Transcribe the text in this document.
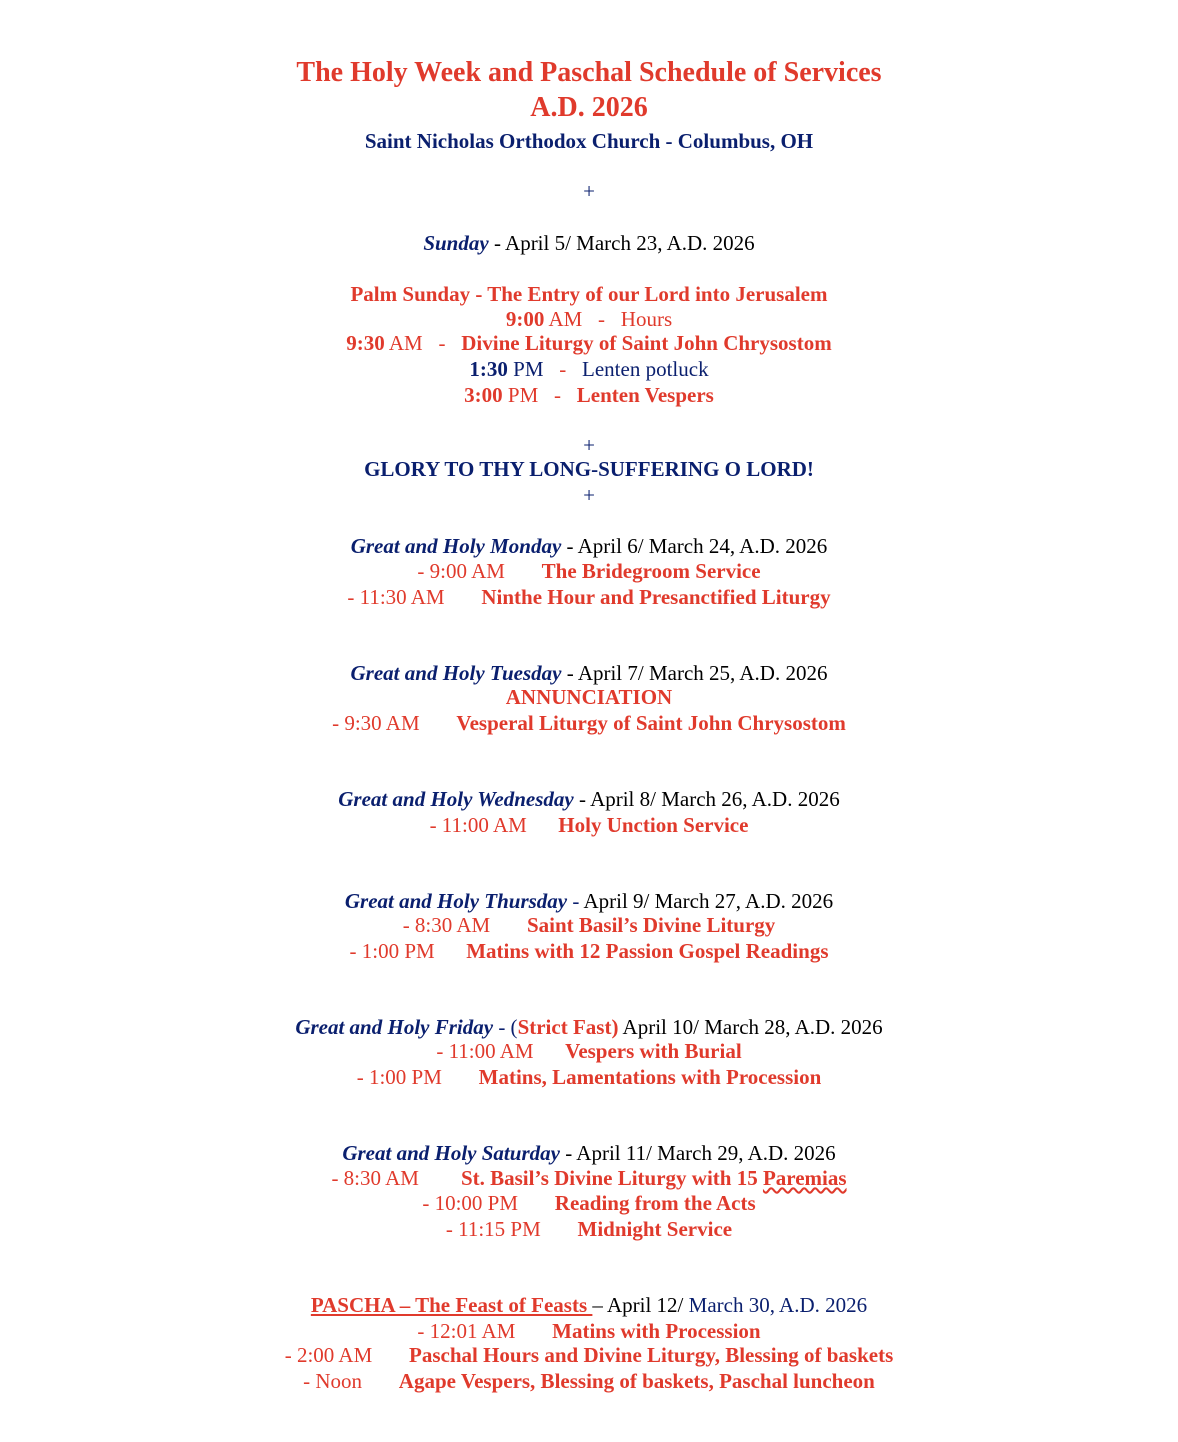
The Holy Week and Paschal Schedule of Services
A.D. 2026
Saint Nicholas Orthodox Church - Columbus, OH
+
Sunday - April 5/ March 23, A.D. 2026
Palm Sunday - The Entry of our Lord into Jerusalem
9:00 AM   -   Hours
9:30 AM   -   Divine Liturgy of Saint John Chrysostom
1:30 PM   -   Lenten potluck
3:00 PM   -   Lenten Vespers
+
GLORY TO THY LONG-SUFFERING O LORD!
+
Great and Holy Monday - April 6/ March 24, A.D. 2026
- 9:00 AM The Bridegroom Service
- 11:30 AM Ninthe Hour and Presanctified Liturgy
Great and Holy Tuesday - April 7/ March 25, A.D. 2026
ANNUNCIATION
- 9:30 AM Vesperal Liturgy of Saint John Chrysostom
Great and Holy Wednesday - April 8/ March 26, A.D. 2026
- 11:00 AM Holy Unction Service
Great and Holy Thursday - April 9/ March 27, A.D. 2026
- 8:30 AM Saint Basil’s Divine Liturgy
- 1:00 PM Matins with 12 Passion Gospel Readings
Great and Holy Friday - (Strict Fast) April 10/ March 28, A.D. 2026
- 11:00 AM Vespers with Burial
- 1:00 PM Matins, Lamentations with Procession
Great and Holy Saturday - April 11/ March 29, A.D. 2026
- 8:30 AM St. Basil’s Divine Liturgy with 15 Paremias
- 10:00 PM Reading from the Acts
- 11:15 PM Midnight Service
PASCHA – The Feast of Feasts – April 12/ March 30, A.D. 2026
- 12:01 AM Matins with Procession
- 2:00 AM Paschal Hours and Divine Liturgy, Blessing of baskets
- Noon Agape Vespers, Blessing of baskets, Paschal luncheon
